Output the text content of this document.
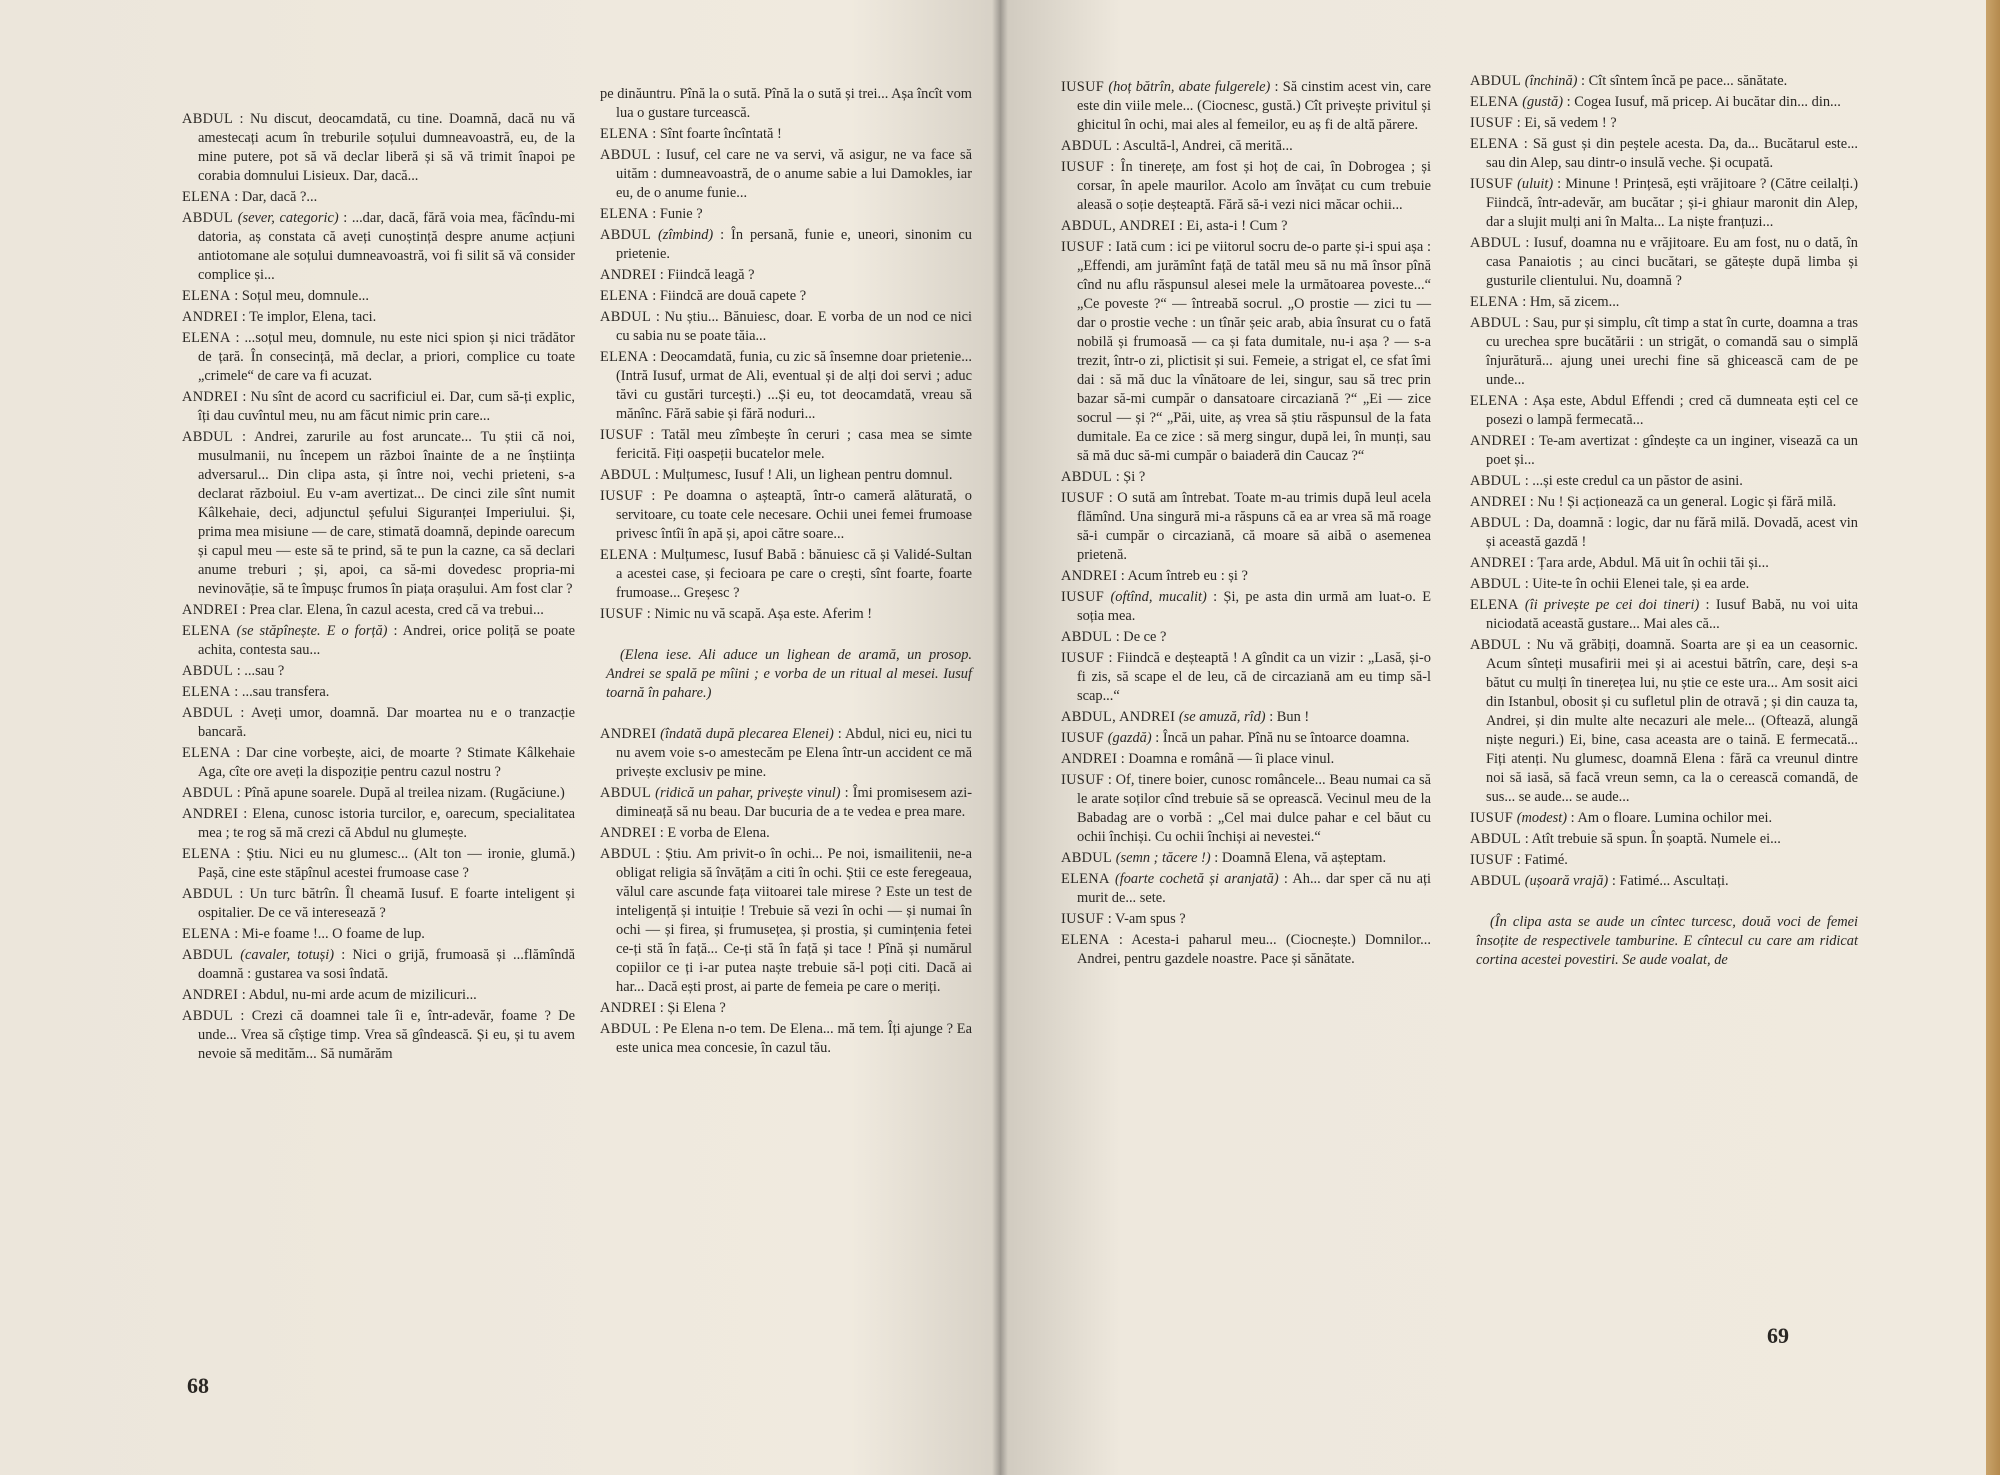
ABDUL : Nu discut, deocamdată, cu tine. Doamnă, dacă nu vă amestecați acum în treburile soțului dumneavoastră, eu, de la mine putere, pot să vă declar liberă și să vă trimit înapoi pe corabia domnului Lisieux. Dar, dacă...

ELENA : Dar, dacă ?...

ABDUL (sever, categoric) : ...dar, dacă, fără voia mea, făcîndu-mi datoria, aș constata că aveți cunoștință despre anume acțiuni antiotomane ale soțului dumneavoastră, voi fi silit să vă consider complice și...

ELENA : Soțul meu, domnule...

ANDREI : Te implor, Elena, taci.

ELENA : ...soțul meu, domnule, nu este nici spion și nici trădător de țară. În consecință, mă declar, a priori, complice cu toate „crimele“ de care va fi acuzat.

ANDREI : Nu sînt de acord cu sacrificiul ei. Dar, cum să-ți explic, îți dau cuvîntul meu, nu am făcut nimic prin care...

ABDUL : Andrei, zarurile au fost aruncate... Tu știi că noi, musulmanii, nu începem un război înainte de a ne înștiința adversarul... Din clipa asta, și între noi, vechi prieteni, s-a declarat războiul. Eu v-am avertizat... De cinci zile sînt numit Kâlkehaie, deci, adjunctul șefului Siguranței Imperiului. Și, prima mea misiune — de care, stimată doamnă, depinde oarecum și capul meu — este să te prind, să te pun la cazne, ca să declari anume treburi ; și, apoi, ca să-mi dovedesc propria-mi nevinovăție, să te împușc frumos în piața orașului. Am fost clar ?

ANDREI : Prea clar. Elena, în cazul acesta, cred că va trebui...

ELENA (se stăpînește. E o forță) : Andrei, orice poliță se poate achita, contesta sau...

ABDUL : ...sau ?

ELENA : ...sau transfera.

ABDUL : Aveți umor, doamnă. Dar moartea nu e o tranzacție bancară.

ELENA : Dar cine vorbește, aici, de moarte ? Stimate Kâlkehaie Aga, cîte ore aveți la dispoziție pentru cazul nostru ?

ABDUL : Pînă apune soarele. După al treilea nizam. (Rugăciune.)

ANDREI : Elena, cunosc istoria turcilor, e, oarecum, specialitatea mea ; te rog să mă crezi că Abdul nu glumește.

ELENA : Știu. Nici eu nu glumesc... (Alt ton — ironie, glumă.) Pașă, cine este stăpînul acestei frumoase case ?

ABDUL : Un turc bătrîn. Îl cheamă Iusuf. E foarte inteligent și ospitalier. De ce vă interesează ?

ELENA : Mi-e foame !... O foame de lup.

ABDUL (cavaler, totuși) : Nici o grijă, frumoasă și ...flămîndă doamnă : gustarea va sosi îndată.

ANDREI : Abdul, nu-mi arde acum de mizilicuri...

ABDUL : Crezi că doamnei tale îi e, într-adevăr, foame ? De unde... Vrea să cîștige timp. Vrea să gîndească. Și eu, și tu avem nevoie să medităm... Să numărăm

pe dinăuntru. Pînă la o sută. Pînă la o sută și trei... Așa încît vom lua o gustare turcească.

ELENA : Sînt foarte încîntată !

ABDUL : Iusuf, cel care ne va servi, vă asigur, ne va face să uităm : dumneavoastră, de o anume sabie a lui Damokles, iar eu, de o anume funie...

ELENA : Funie ?

ABDUL (zîmbind) : În persană, funie e, uneori, sinonim cu prietenie.

ANDREI : Fiindcă leagă ?

ELENA : Fiindcă are două capete ?

ABDUL : Nu știu... Bănuiesc, doar. E vorba de un nod ce nici cu sabia nu se poate tăia...

ELENA : Deocamdată, funia, cu zic să însemne doar prietenie... (Intră Iusuf, urmat de Ali, eventual și de alți doi servi ; aduc tăvi cu gustări turcești.) ...Și eu, tot deocamdată, vreau să mănînc. Fără sabie și fără noduri...

IUSUF : Tatăl meu zîmbește în ceruri ; casa mea se simte fericită. Fiți oaspeții bucatelor mele.

ABDUL : Mulțumesc, Iusuf ! Ali, un lighean pentru domnul.

IUSUF : Pe doamna o așteaptă, într-o cameră alăturată, o servitoare, cu toate cele necesare. Ochii unei femei frumoase privesc întîi în apă și, apoi către soare...

ELENA : Mulțumesc, Iusuf Babă : bănuiesc că și Validé-Sultan a acestei case, și fecioara pe care o crești, sînt foarte, foarte frumoase... Greșesc ?

IUSUF : Nimic nu vă scapă. Așa este. Aferim !

(Elena iese. Ali aduce un lighean de aramă, un prosop. Andrei se spală pe mîini ; e vorba de un ritual al mesei. Iusuf toarnă în pahare.)

ANDREI (îndată după plecarea Elenei) : Abdul, nici eu, nici tu nu avem voie s-o amestecăm pe Elena într-un accident ce mă privește exclusiv pe mine.

ABDUL (ridică un pahar, privește vinul) : Îmi promisesem azi-dimineață să nu beau. Dar bucuria de a te vedea e prea mare.

ANDREI : E vorba de Elena.

ABDUL : Știu. Am privit-o în ochi... Pe noi, ismailitenii, ne-a obligat religia să învățăm a citi în ochi. Știi ce este feregeaua, vălul care ascunde fața viitoarei tale mirese ? Este un test de inteligență și intuiție ! Trebuie să vezi în ochi — și numai în ochi — și firea, și frumusețea, și prostia, și cumințenia fetei ce-ți stă în față... Ce-ți stă în față și tace ! Pînă și numărul copiilor ce ți i-ar putea naște trebuie să-l poți citi. Dacă ai har... Dacă ești prost, ai parte de femeia pe care o meriți.

ANDREI : Și Elena ?

ABDUL : Pe Elena n-o tem. De Elena... mă tem. Îți ajunge ? Ea este unica mea concesie, în cazul tău.

68

IUSUF (hoț bătrîn, abate fulgerele) : Să cinstim acest vin, care este din viile mele... (Ciocnesc, gustă.) Cît privește privitul și ghicitul în ochi, mai ales al femeilor, eu aș fi de altă părere.

ABDUL : Ascultă-l, Andrei, că merită...

IUSUF : În tinerețe, am fost și hoț de cai, în Dobrogea ; și corsar, în apele maurilor. Acolo am învățat cu cum trebuie aleasă o soție deșteaptă. Fără să-i vezi nici măcar ochii...

ABDUL, ANDREI : Ei, asta-i ! Cum ?

IUSUF : Iată cum : ici pe viitorul socru de-o parte și-i spui așa : „Effendi, am jurămînt față de tatăl meu să nu mă însor pînă cînd nu aflu răspunsul alesei mele la următoarea poveste...“ „Ce poveste ?“ — întreabă socrul. „O prostie — zici tu — dar o prostie veche : un tînăr șeic arab, abia însurat cu o fată nobilă și frumoasă — ca și fata dumitale, nu-i așa ? — s-a trezit, într-o zi, plictisit și sui. Femeie, a strigat el, ce sfat îmi dai : să mă duc la vînătoare de lei, singur, sau să trec prin bazar să-mi cumpăr o dansatoare circaziană ?“ „Ei — zice socrul — și ?“ „Păi, uite, aș vrea să știu răspunsul de la fata dumitale. Ea ce zice : să merg singur, după lei, în munți, sau să mă duc să-mi cumpăr o baiaderă din Caucaz ?“

ABDUL : Și ?

IUSUF : O sută am întrebat. Toate m-au trimis după leul acela flămînd. Una singură mi-a răspuns că ea ar vrea să mă roage să-i cumpăr o circaziană, că moare să aibă o asemenea prietenă.

ANDREI : Acum întreb eu : și ?

IUSUF (oftînd, mucalit) : Și, pe asta din urmă am luat-o. E soția mea.

ABDUL : De ce ?

IUSUF : Fiindcă e deșteaptă ! A gîndit ca un vizir : „Lasă, și-o fi zis, să scape el de leu, că de circaziană am eu timp să-l scap...“

ABDUL, ANDREI (se amuză, rîd) : Bun !

IUSUF (gazdă) : Încă un pahar. Pînă nu se întoarce doamna.

ANDREI : Doamna e română — îi place vinul.

IUSUF : Of, tinere boier, cunosc româncele... Beau numai ca să le arate soților cînd trebuie să se oprească. Vecinul meu de la Babadag are o vorbă : „Cel mai dulce pahar e cel băut cu ochii închiși. Cu ochii închiși ai nevestei.“

ABDUL (semn ; tăcere !) : Doamnă Elena, vă așteptam.

ELENA (foarte cochetă și aranjată) : Ah... dar sper că nu ați murit de... sete.

IUSUF : V-am spus ?

ELENA : Acesta-i paharul meu... (Ciocnește.) Domnilor... Andrei, pentru gazdele noastre. Pace și sănătate.

ABDUL (închină) : Cît sîntem încă pe pace... sănătate.

ELENA (gustă) : Cogea Iusuf, mă pricep. Ai bucătar din... din...

IUSUF : Ei, să vedem ! ?

ELENA : Să gust și din peștele acesta. Da, da... Bucătarul este... sau din Alep, sau dintr-o insulă veche. Și ocupată.

IUSUF (uluit) : Minune ! Prințesă, ești vrăjitoare ? (Către ceilalți.) Fiindcă, într-adevăr, am bucătar ; și-i ghiaur maronit din Alep, dar a slujit mulți ani în Malta... La niște franțuzi...

ABDUL : Iusuf, doamna nu e vrăjitoare. Eu am fost, nu o dată, în casa Panaiotis ; au cinci bucătari, se gătește după limba și gusturile clientului. Nu, doamnă ?

ELENA : Hm, să zicem...

ABDUL : Sau, pur și simplu, cît timp a stat în curte, doamna a tras cu urechea spre bucătării : un strigăt, o comandă sau o simplă înjurătură... ajung unei urechi fine să ghicească cam de pe unde...

ELENA : Așa este, Abdul Effendi ; cred că dumneata ești cel ce posezi o lampă fermecată...

ANDREI : Te-am avertizat : gîndește ca un inginer, visează ca un poet și...

ABDUL : ...și este credul ca un păstor de asini.

ANDREI : Nu ! Și acționează ca un general. Logic și fără milă.

ABDUL : Da, doamnă : logic, dar nu fără milă. Dovadă, acest vin și această gazdă !

ANDREI : Țara arde, Abdul. Mă uit în ochii tăi și...

ABDUL : Uite-te în ochii Elenei tale, și ea arde.

ELENA (îi privește pe cei doi tineri) : Iusuf Babă, nu voi uita niciodată această gustare... Mai ales că...

ABDUL : Nu vă grăbiți, doamnă. Soarta are și ea un ceasornic. Acum sînteți musafirii mei și ai acestui bătrîn, care, deși s-a bătut cu mulți în tinerețea lui, nu știe ce este ura... Am sosit aici din Istanbul, obosit și cu sufletul plin de otravă ; și din cauza ta, Andrei, și din multe alte necazuri ale mele... (Oftează, alungă niște neguri.) Ei, bine, casa aceasta are o taină. E fermecată... Fiți atenți. Nu glumesc, doamnă Elena : fără ca vreunul dintre noi să iasă, să facă vreun semn, ca la o cerească comandă, de sus... se aude... se aude...

IUSUF (modest) : Am o floare. Lumina ochilor mei.

ABDUL : Atît trebuie să spun. În șoaptă. Numele ei...

IUSUF : Fatimé.

ABDUL (ușoară vrajă) : Fatimé... Ascultați.

(În clipa asta se aude un cîntec turcesc, două voci de femei însoțite de respectivele tamburine. E cîntecul cu care am ridicat cortina acestei povestiri. Se aude voalat, de

69
